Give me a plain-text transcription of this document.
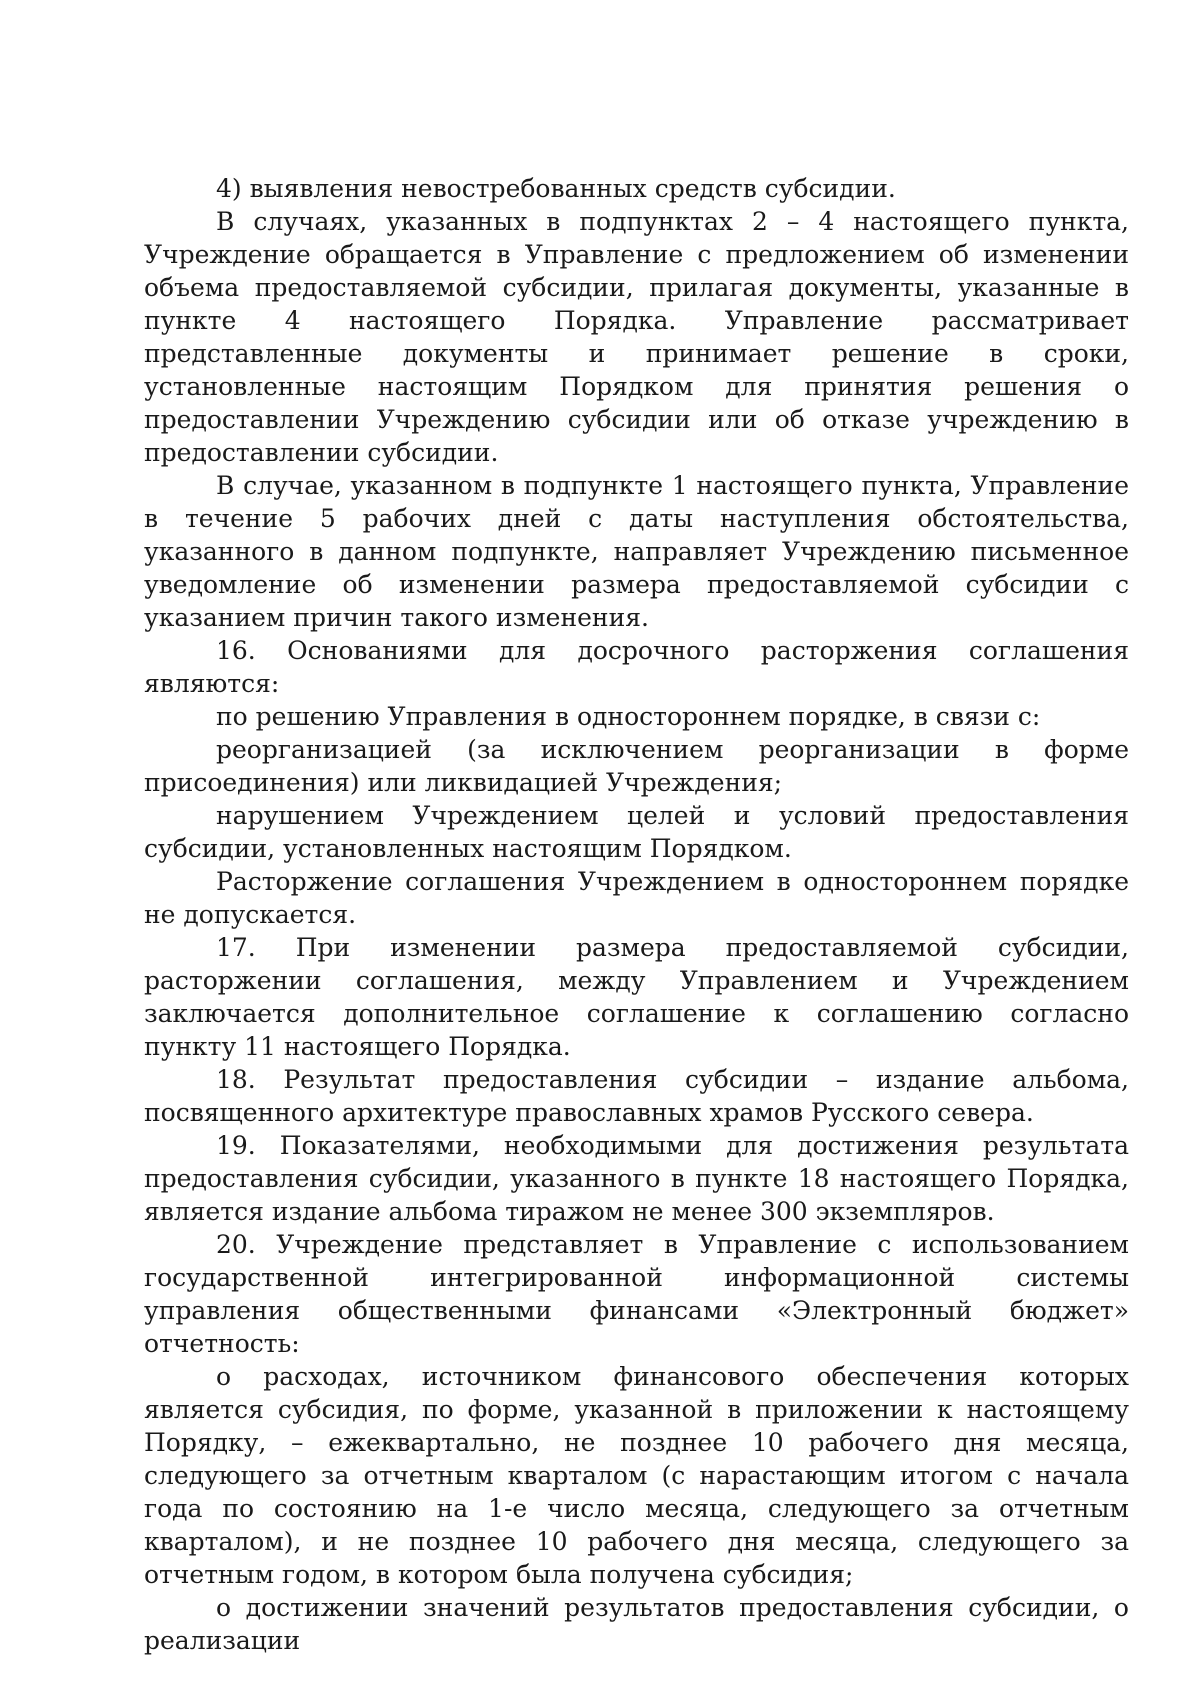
4) выявления невостребованных средств субсидии.

В случаях, указанных в подпунктах 2 – 4 настоящего пункта, Учреждение обращается в Управление с предложением об изменении объема предоставляемой субсидии, прилагая документы, указанные в пункте 4 настоящего Порядка. Управление рассматривает представленные документы и принимает решение в сроки, установленные настоящим Порядком для принятия решения о предоставлении Учреждению субсидии или об отказе учреждению в предоставлении субсидии.

В случае, указанном в подпункте 1 настоящего пункта, Управление в течение 5 рабочих дней с даты наступления обстоятельства, указанного в данном подпункте, направляет Учреждению письменное уведомление об изменении размера предоставляемой субсидии с указанием причин такого изменения.

16. Основаниями для досрочного расторжения соглашения являются:

по решению Управления в одностороннем порядке, в связи с:

реорганизацией (за исключением реорганизации в форме присоединения) или ликвидацией Учреждения;

нарушением Учреждением целей и условий предоставления субсидии, установленных настоящим Порядком.

Расторжение соглашения Учреждением в одностороннем порядке не допускается.

17. При изменении размера предоставляемой субсидии, расторжении соглашения, между Управлением и Учреждением заключается дополнительное соглашение к соглашению согласно пункту 11 настоящего Порядка.

18. Результат предоставления субсидии – издание альбома, посвященного архитектуре православных храмов Русского севера.

19. Показателями, необходимыми для достижения результата предоставления субсидии, указанного в пункте 18 настоящего Порядка, является издание альбома тиражом не менее 300 экземпляров.

20. Учреждение представляет в Управление с использованием государственной интегрированной информационной системы управления общественными финансами «Электронный бюджет» отчетность:

о расходах, источником финансового обеспечения которых является субсидия, по форме, указанной в приложении к настоящему Порядку, – ежеквартально, не позднее 10 рабочего дня месяца, следующего за отчетным кварталом (с нарастающим итогом с начала года по состоянию на 1-е число месяца, следующего за отчетным кварталом), и не позднее 10 рабочего дня месяца, следующего за отчетным годом, в котором была получена субсидия;

о достижении значений результатов предоставления субсидии, о реализации
